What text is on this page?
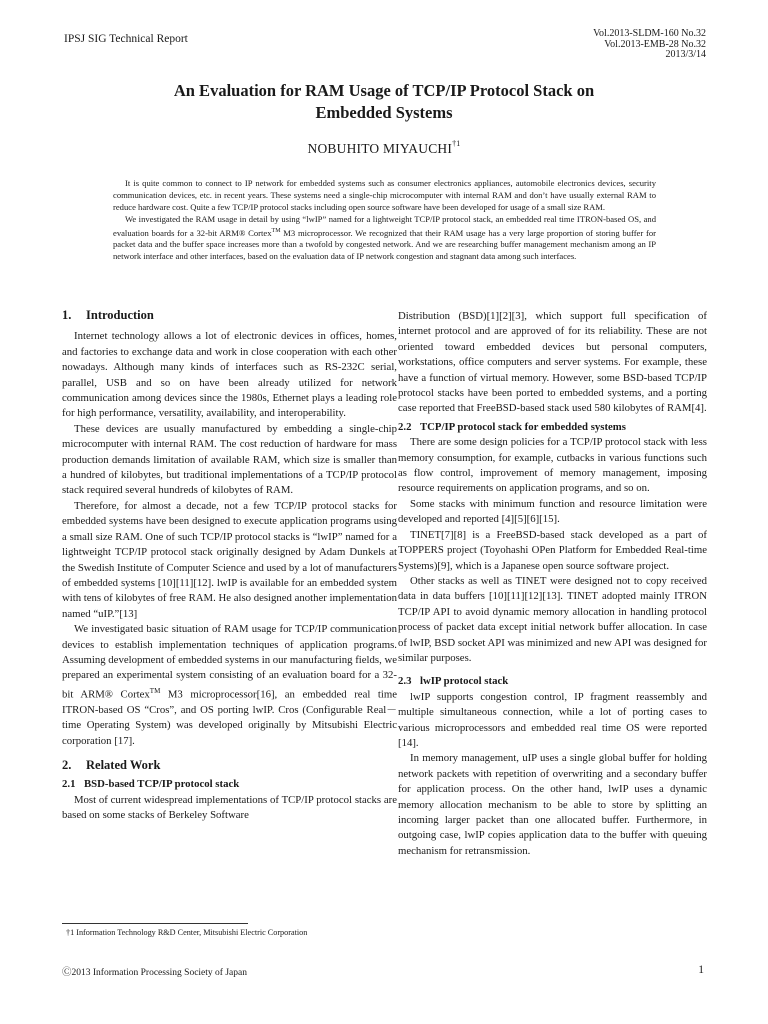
IPSJ SIG Technical Report	Vol.2013-SLDM-160 No.32
Vol.2013-EMB-28 No.32
2013/3/14
An Evaluation for RAM Usage of TCP/IP Protocol Stack on
Embedded Systems
NOBUHITO MIYAUCHI$^{\dagger 1}$

It is quite common to connect to IP network for embedded systems such as consumer electronics appliances, automobile electronics devices, security communication devices, etc. in recent years. These systems need a single-chip microcomputer with internal RAM and don’t have usually external RAM to reduce hardware cost. Quite a few TCP/IP protocol stacks including open source software have been developed for usage of a small size RAM.

We investigated the RAM usage in detail by using “lwIP” named for a lightweight TCP/IP protocol stack, an embedded real time ITRON-based OS, and evaluation boards for a 32-bit ARM® Cortex™ M3 microprocessor. We recognized that their RAM usage has a very large proportion of storing buffer for packet data and the buffer space increases more than a twofold by congested network. And we are researching buffer management mechanism among an IP network interface and other interfaces, based on the evaluation data of IP network congestion and stagnant data among such interfaces.

1. Introduction

Internet technology allows a lot of electronic devices in offices, homes, and factories to exchange data and work in close cooperation with each other nowadays. Although many kinds of interfaces such as RS-232C serial, parallel, USB and so on have been already utilized for network communication among devices since the 1980s, Ethernet plays a leading role for high performance, versatility, availability, and interoperability.

These devices are usually manufactured by embedding a single-chip microcomputer with internal RAM. The cost reduction of hardware for mass production demands limitation of available RAM, which size is smaller than a hundred of kilobytes, but traditional implementations of a TCP/IP protocol stack required several hundreds of kilobytes of RAM.

Therefore, for almost a decade, not a few TCP/IP protocol stacks for embedded systems have been designed to execute application programs using a small size RAM. One of such TCP/IP protocol stacks is “lwIP” named for a lightweight TCP/IP protocol stack originally designed by Adam Dunkels at the Swedish Institute of Computer Science and used by a lot of manufacturers of embedded systems [10][11][12]. lwIP is available for an embedded system with tens of kilobytes of free RAM. He also designed another implementation named “uIP.”[13]

We investigated basic situation of RAM usage for TCP/IP communication devices to establish implementation techniques of application programs. Assuming development of embedded systems in our manufacturing fields, we prepared an experimental system consisting of an evaluation board for a 32-bit ARM® Cortex™ M3 microprocessor[16], an embedded real time ITRON-based OS “Cros”, and OS porting lwIP. Cros (Configurable Real－time Operating System) was developed originally by Mitsubishi Electric corporation [17].

2. Related Work
2.1 BSD-based TCP/IP protocol stack

Most of current widespread implementations of TCP/IP protocol stacks are based on some stacks of Berkeley Software

Distribution (BSD)[1][2][3], which support full specification of internet protocol and are approved of for its reliability. These are not oriented toward embedded devices but personal computers, workstations, office computers and server systems. For example, these have a function of virtual memory. However, some BSD-based TCP/IP protocol stacks have been ported to embedded systems, and a porting case reported that FreeBSD-based stack used 580 kilobytes of RAM[4].

2.2 TCP/IP protocol stack for embedded systems

There are some design policies for a TCP/IP protocol stack with less memory consumption, for example, cutbacks in various functions such as flow control, improvement of memory management, imposing resource requirements on application programs, and so on.

Some stacks with minimum function and resource limitation were developed and reported [4][5][6][15].

TINET[7][8] is a FreeBSD-based stack developed as a part of TOPPERS project (Toyohashi OPen Platform for Embedded Real-time Systems)[9], which is a Japanese open source software project.

Other stacks as well as TINET were designed not to copy received data in data buffers [10][11][12][13]. TINET adopted mainly ITRON TCP/IP API to avoid dynamic memory allocation in handling protocol process of packet data except initial network buffer allocation. In case of lwIP, BSD socket API was minimized and new API was designed for similar purposes.

2.3 lwIP protocol stack

lwIP supports congestion control, IP fragment reassembly and multiple simultaneous connection, while a lot of porting cases to various microprocessors and embedded real time OS were reported [14].

In memory management, uIP uses a single global buffer for holding network packets with repetition of overwriting and a secondary buffer for application process. On the other hand, lwIP uses a dynamic memory allocation mechanism to be able to store by splitting an incoming larger packet than one allocated buffer. Furthermore, in outgoing case, lwIP copies application data to the buffer with queuing mechanism for retransmission.

†1 Information Technology R&D Center, Mitsubishi Electric Corporation
Ⓒ2013 Information Processing Society of Japan	1
